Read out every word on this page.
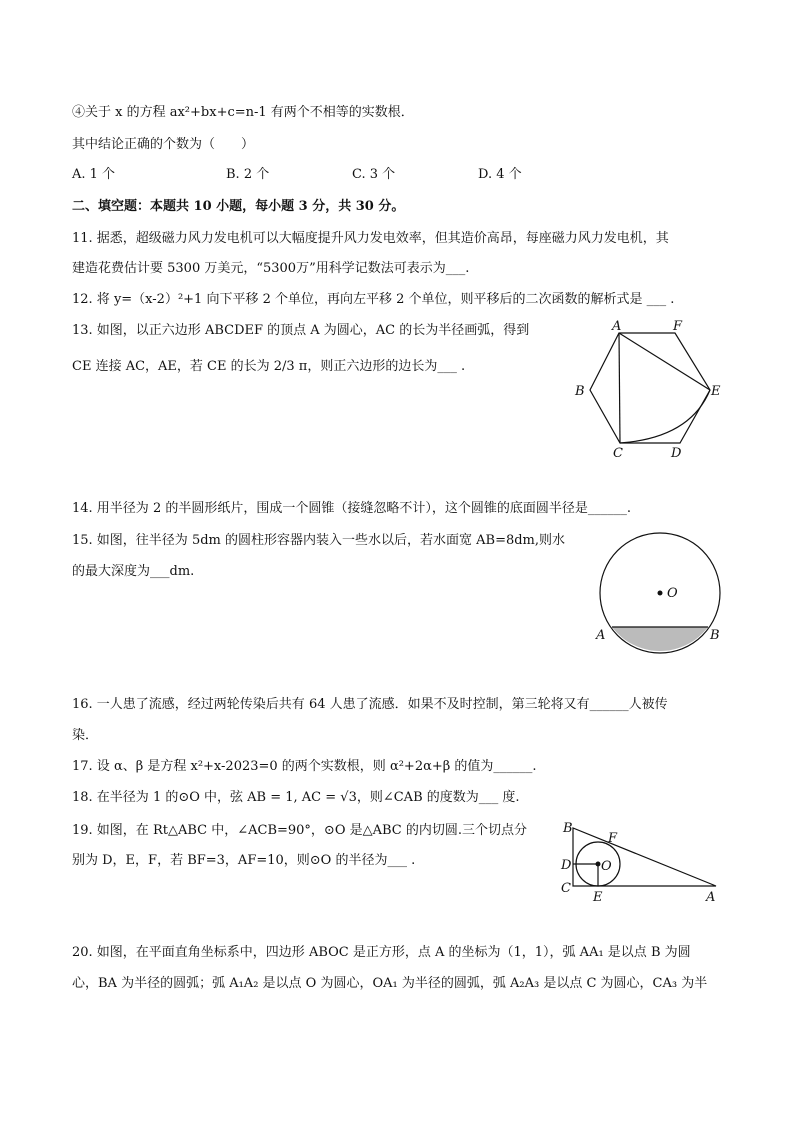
④关于 x 的方程 ax²+bx+c=n-1 有两个不相等的实数根．
其中结论正确的个数为（　　）
A. 1 个	B. 2 个	C. 3 个	D. 4 个
二、填空题：本题共 10 小题，每小题 3 分，共 30 分。
11. 据悉，超级磁力风力发电机可以大幅度提升风力发电效率，但其造价高昂，每座磁力风力发电机，其
建造花费估计要 5300 万美元，“5300万”用科学记数法可表示为___.
12. 将 y=（x-2）²+1 向下平移 2 个单位，再向左平移 2 个单位，则平移后的二次函数的解析式是 ___ .
13. 如图，以正六边形 ABCDEF 的顶点 A 为圆心，AC 的长为半径画弧，得到
CE 连接 AC，AE，若 CE 的长为 2/3 π，则正六边形的边长为___ .
A	F
B	E
C	D
14. 用半径为 2 的半圆形纸片，围成一个圆锥（接缝忽略不计），这个圆锥的底面圆半径是______.
15. 如图，往半径为 5dm 的圆柱形容器内装入一些水以后，若水面宽 AB=8dm,则水
的最大深度为___dm.
O
A	B
16. 一人患了流感，经过两轮传染后共有 64 人患了流感．如果不及时控制，第三轮将又有______人被传
染．
17. 设 α、β 是方程 x²+x-2023=0 的两个实数根，则 α²+2α+β 的值为______.
18. 在半径为 1 的⊙O 中，弦 AB = 1, AC = √3，则∠CAB 的度数为___ 度.
19. 如图，在 Rt△ABC 中，∠ACB=90°，⊙O 是△ABC 的内切圆.三个切点分
别为 D，E，F，若 BF=3，AF=10，则⊙O 的半径为___ .
B
F
D O
C
E	A
20. 如图，在平面直角坐标系中，四边形 ABOC 是正方形，点 A 的坐标为（1，1），弧 AA₁ 是以点 B 为圆
心，BA 为半径的圆弧；弧 A₁A₂ 是以点 O 为圆心，OA₁ 为半径的圆弧，弧 A₂A₃ 是以点 C 为圆心，CA₃ 为半
